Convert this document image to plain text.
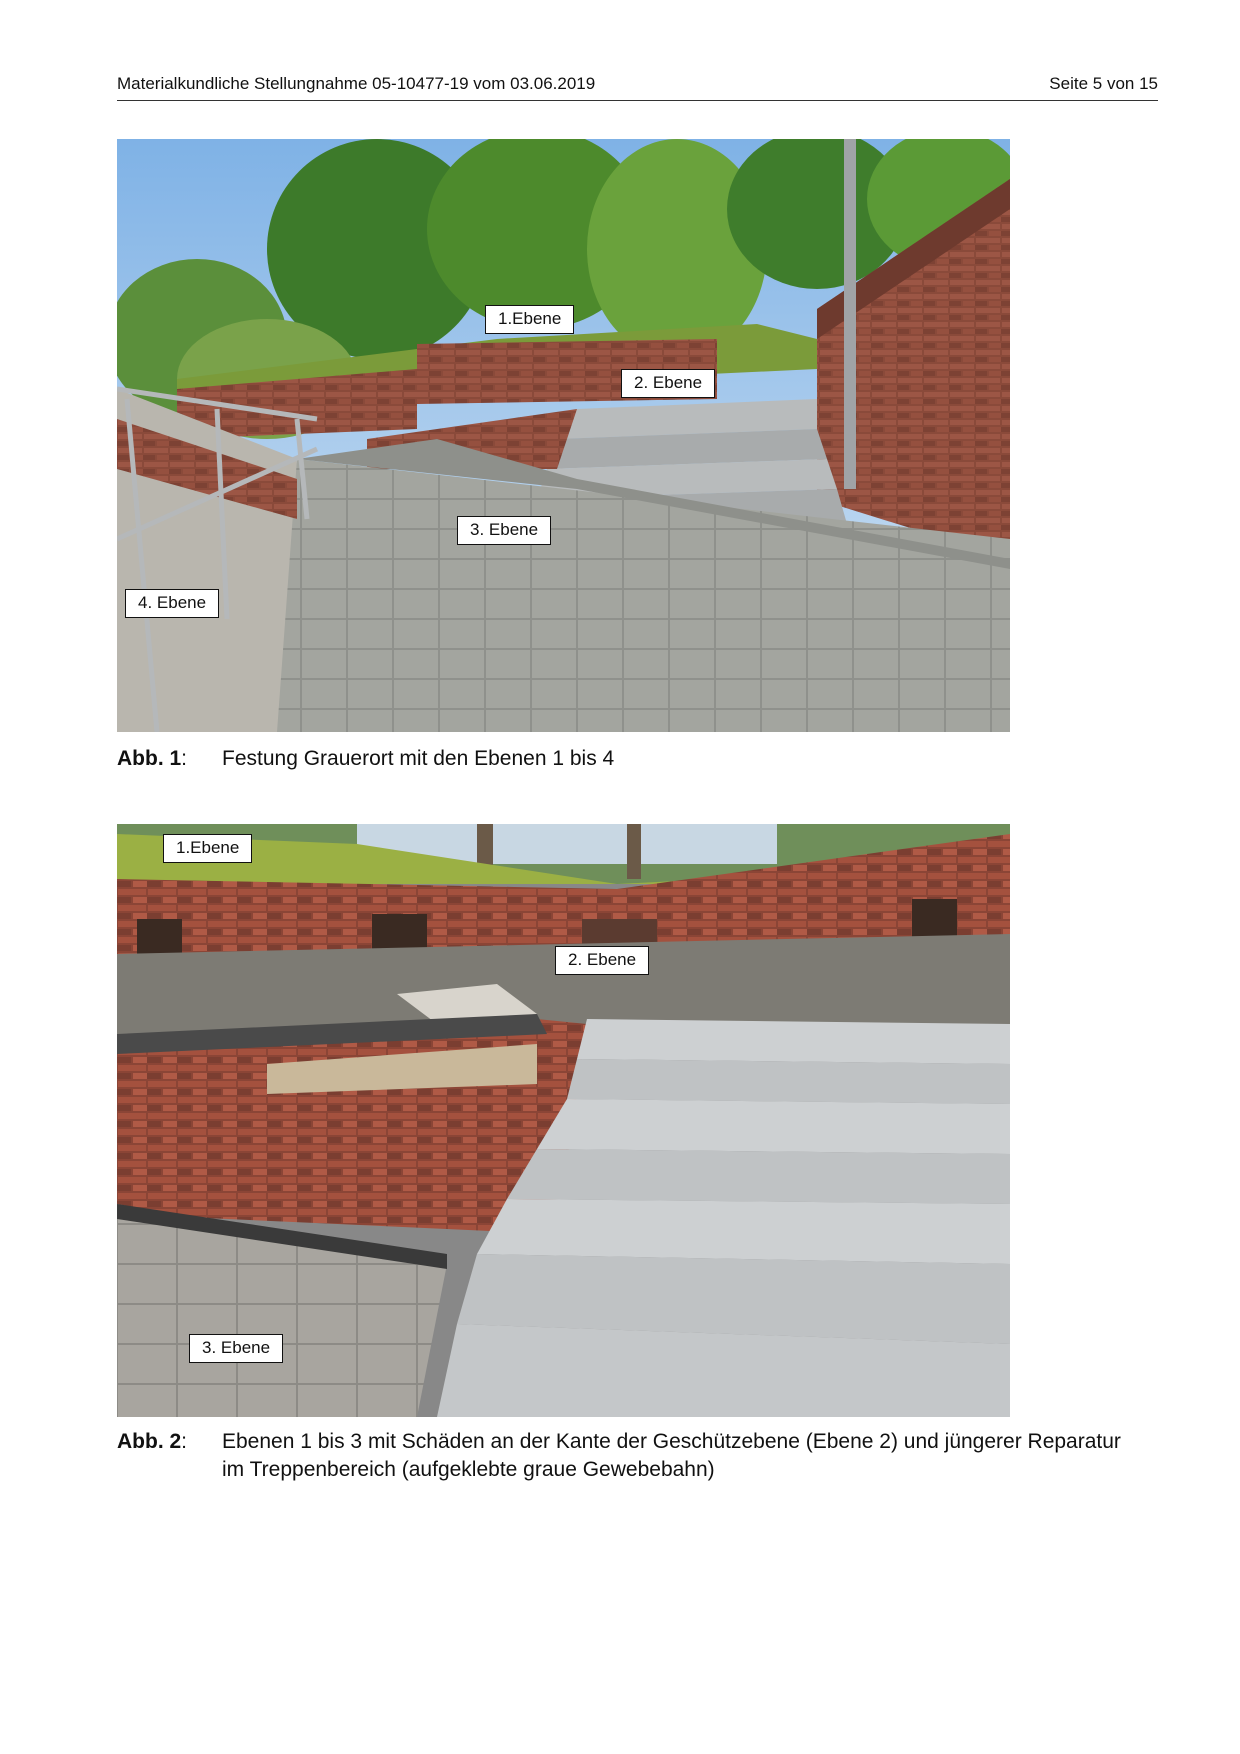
Materialkundliche Stellungnahme 05-10477-19 vom 03.06.2019	Seite 5 von 15
1.Ebene
2. Ebene
3. Ebene
4. Ebene
Abb. 1:	Festung Grauerort mit den Ebenen 1 bis 4
1.Ebene
2. Ebene
3. Ebene
Abb. 2:	Ebenen 1 bis 3 mit Schäden an der Kante der Geschützebene (Ebene 2) und jüngerer Reparatur im Treppenbereich (aufgeklebte graue Gewebebahn)
